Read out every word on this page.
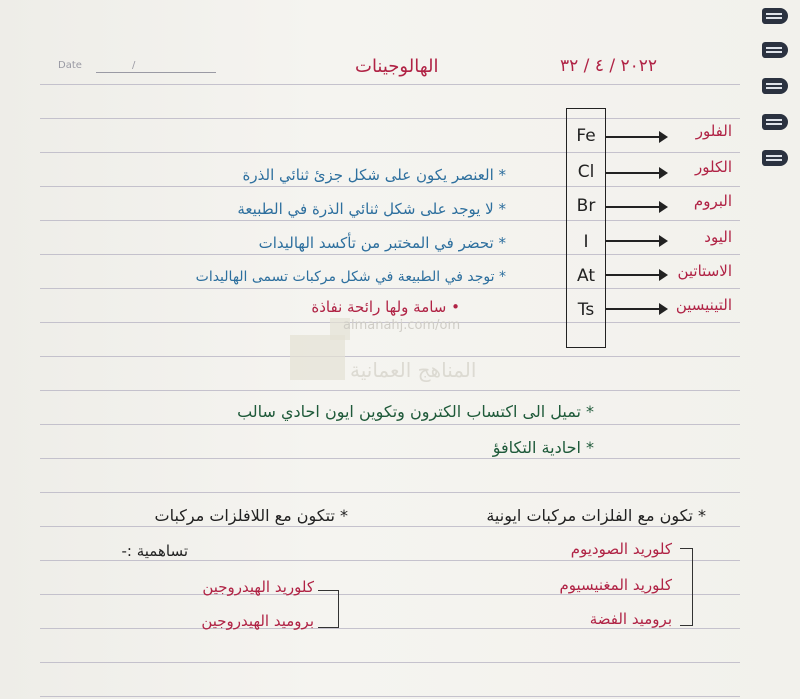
Date	/	الهالوجينات	٢٠٢٢ / ٤ / ٣٢
Fe	الفلور
Cl	الكلور
Br	البروم
I	اليود
At	الاستاتين
Ts	التينيسين
* العنصر يكون على شكل جزئ ثنائي الذرة
* لا يوجد على شكل ثنائي الذرة في الطبيعة
* تحضر في المختبر من تأكسد الهاليدات
* توجد في الطبيعة في شكل مركبات تسمى الهاليدات
• سامة ولها رائحة نفاذة
almanahj.com/om
المناهج العمانية
* تميل الى اكتساب الكترون وتكوين ايون احادي سالب
* احادية التكافؤ
* تكون مع الفلزات مركبات ايونية
كلوريد الصوديوم
كلوريد المغنيسيوم
بروميد الفضة
* تتكون مع اللافلزات مركبات
تساهمية :-
كلوريد الهيدروجين
بروميد الهيدروجين
